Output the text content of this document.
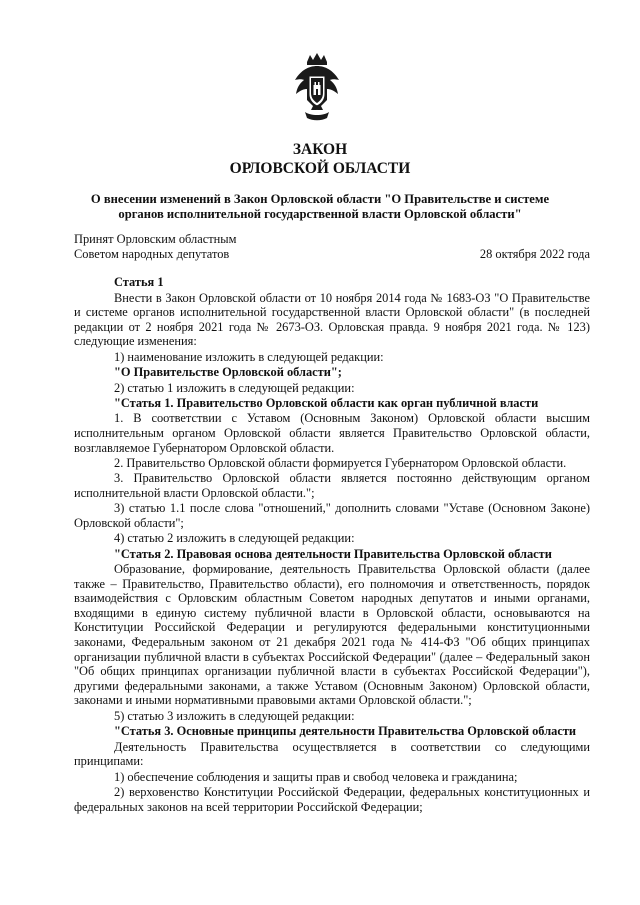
ЗАКОН
ОРЛОВСКОЙ ОБЛАСТИ
О внесении изменений в Закон Орловской области "О Правительстве и системе
органов исполнительной государственной власти Орловской области"
Принят Орловским областным
Советом народных депутатов	28 октября 2022 года
Статья 1

Внести в Закон Орловской области от 10 ноября 2014 года № 1683-ОЗ "О Правительстве и системе органов исполнительной государственной власти Орловской области" (в последней редакции от 2 ноября 2021 года № 2673-ОЗ. Орловская правда. 9 ноября 2021 года. № 123) следующие изменения:

1) наименование изложить в следующей редакции:

"О Правительстве Орловской области";

2) статью 1 изложить в следующей редакции:

"Статья 1. Правительство Орловской области как орган публичной власти

1. В соответствии с Уставом (Основным Законом) Орловской области высшим исполнительным органом Орловской области является Правительство Орловской области, возглавляемое Губернатором Орловской области.

2. Правительство Орловской области формируется Губернатором Орловской области.

3. Правительство Орловской области является постоянно действующим органом исполнительной власти Орловской области.";

3) статью 1.1 после слова "отношений," дополнить словами "Уставе (Основном Законе) Орловской области";

4) статью 2 изложить в следующей редакции:

"Статья 2. Правовая основа деятельности Правительства Орловской области

Образование, формирование, деятельность Правительства Орловской области (далее также – Правительство, Правительство области), его полномочия и ответственность, порядок взаимодействия с Орловским областным Советом народных депутатов и иными органами, входящими в единую систему публичной власти в Орловской области, основываются на Конституции Российской Федерации и регулируются федеральными конституционными законами, Федеральным законом от 21 декабря 2021 года № 414-ФЗ "Об общих принципах организации публичной власти в субъектах Российской Федерации" (далее – Федеральный закон "Об общих принципах организации публичной власти в субъектах Российской Федерации"), другими федеральными законами, а также Уставом (Основным Законом) Орловской области, законами и иными нормативными правовыми актами Орловской области.";

5) статью 3 изложить в следующей редакции:

"Статья 3. Основные принципы деятельности Правительства Орловской области

Деятельность Правительства осуществляется в соответствии со следующими принципами:

1) обеспечение соблюдения и защиты прав и свобод человека и гражданина;

2) верховенство Конституции Российской Федерации, федеральных конституционных и федеральных законов на всей территории Российской Федерации;
